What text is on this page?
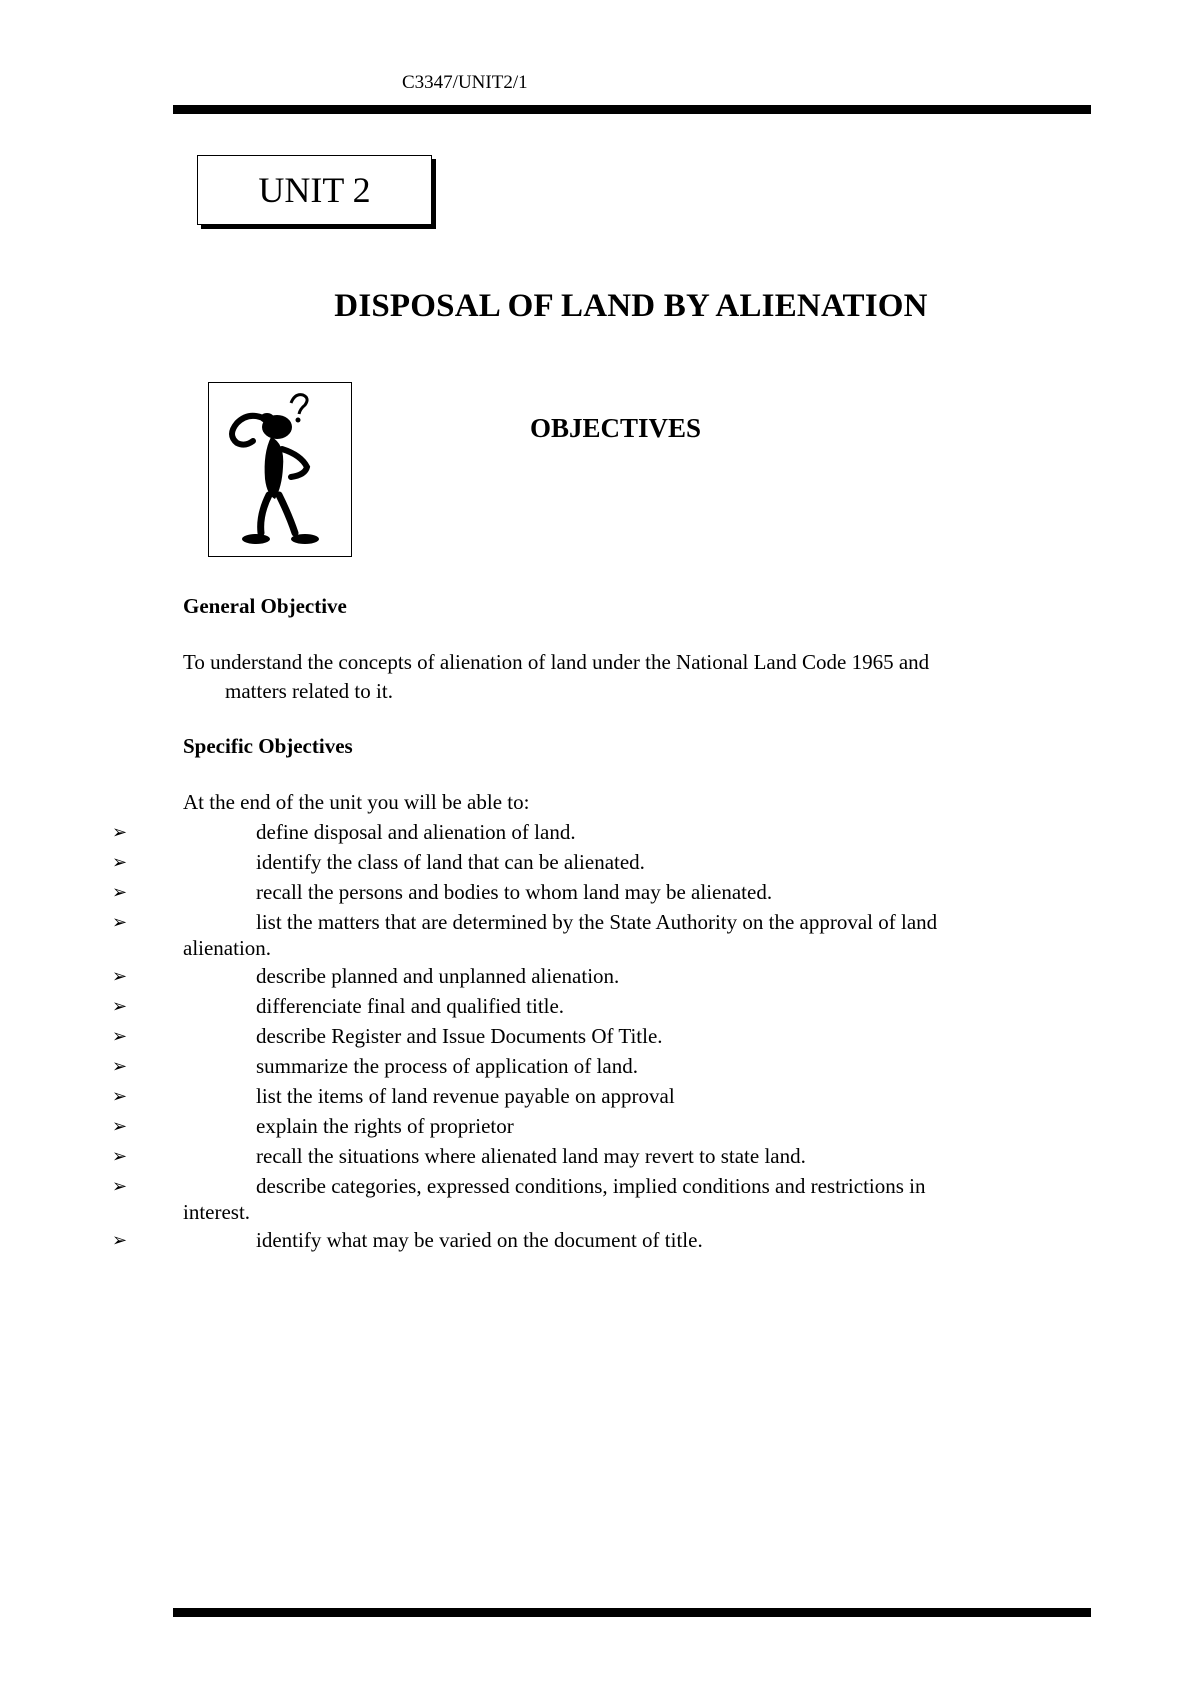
C3347/UNIT2/1
UNIT 2
DISPOSAL OF LAND BY ALIENATION
OBJECTIVES
General Objective
To understand the concepts of alienation of land under the National Land Code 1965 and
matters related to it.
Specific Objectives
At the end of the unit you will be able to:
➢	define disposal and alienation of land.
➢	identify the class of land that can be alienated.
➢	recall the persons and bodies to whom land may be alienated.
➢	list the matters that are determined by the State Authority on the approval of land
alienation.
➢	describe planned and unplanned alienation.
➢	differenciate final and qualified title.
➢	describe Register and Issue Documents Of Title.
➢	summarize the process of application of land.
➢	list the items of land revenue payable on approval
➢	explain the rights of proprietor
➢	recall the situations where alienated land may revert to state land.
➢	describe categories, expressed conditions, implied conditions and restrictions in
interest.
➢	identify what may be varied on the document of title.
